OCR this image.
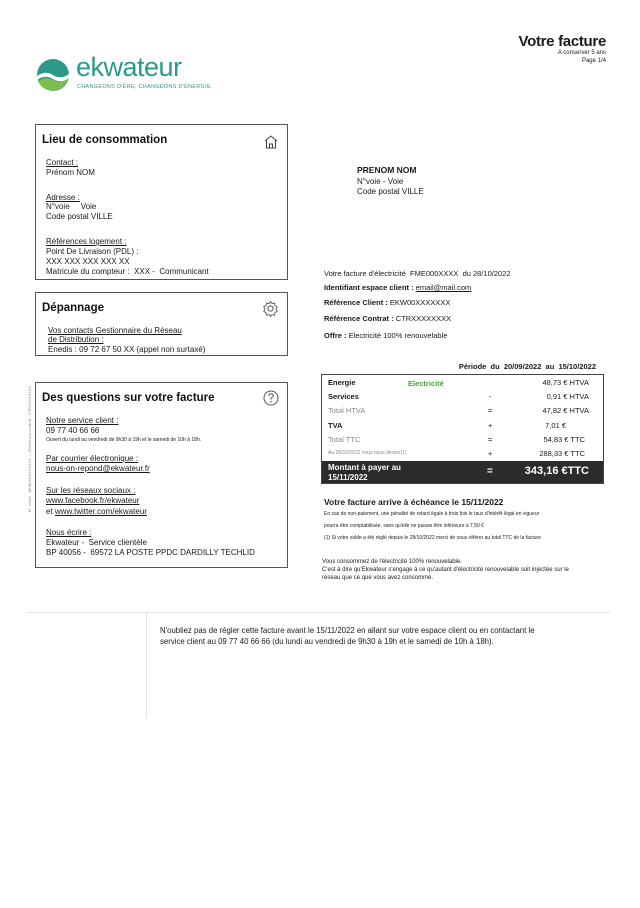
Votre facture
A conserver 5 ans
Page 1/4
ekwateur
CHANGEONS D'ÈRE, CHANGEONS D'ÉNERGIE.
N° client : EKW00XXXXXXXX — Référence contrat : CTRXXXXXXXX
Lieu de consommation
Contact :
Prénom NOM
Adresse :
N°voie     Voie
Code postal VILLE
Références logement :
Point De Livraison (PDL) :
XXX XXX XXX XXX XX
Matricule du compteur :  XXX -  Communicant
PRENOM NOM
N°voie - Voie
Code postal VILLE
Dépannage
Vos contacts Gestionnaire du Réseau
de Distribution :
Enedis : 09 72 67 50 XX (appel non surtaxé)
Votre facture d'électricité  FME000XXXX  du 28/10/2022
Identifiant espace client : email@mail.com
Référence Client : EKW00XXXXXXX
Référence Contrat : CTRXXXXXXXX
Offre : Electricité 100% renouvelable
Période  du  20/09/2022  au  15/10/2022
Energie	Electricité	48,73 € HTVA
Services	-	0,91 € HTVA
Total HTVA	=	47,82 € HTVA
TVA	+	7,01 €
Total TTC	=	54,83 € TTC
Au 28/10/2022 vous nous deviez(1)	+	288,33 € TTC
Montant à payer au
15/11/2022
=	343,16 €TTC
Votre facture arrive à échéance le 15/11/2022
En cas de non-paiement, une pénalité de retard égale à trois fois le taux d'intérêt légal en vigueur
pourra être comptabilisée, sans qu'elle ne puisse être inférieure à 7,50 €
(1) Si votre solde a été réglé depuis le 28/10/2022 merci de vous référer au total TTC de la facture
Vous consommez de l'électricité 100% renouvelable.
C'est à dire qu'Ekwateur s'engage à ce qu'autant d'électricité renouvelable soit injectée sur le
réseau que ce que vous avez consommé.
Des questions sur votre facture
Notre service client :
09 77 40 66 66
Ouvert du lundi au vendredi de 9h30 à 19h et le samedi de 10h à 18h.
Par courrier électronique :
nous-on-repond@ekwateur.fr
Sur les réseaux sociaux :
www.facebook.fr/ekwateur
et www.twitter.com/ekwateur
Nous écrire :
Ekwateur -  Service clientèle
BP 40056 -  69572 LA POSTE PPDC DARDILLY TECHLID
N'oubliez pas de régler cette facture avant le 15/11/2022 en allant sur votre espace client ou en contactant le
service client au 09 77 40 66 66 (du lundi au vendredi de 9h30 à 19h et le samedi de 10h à 18h).
